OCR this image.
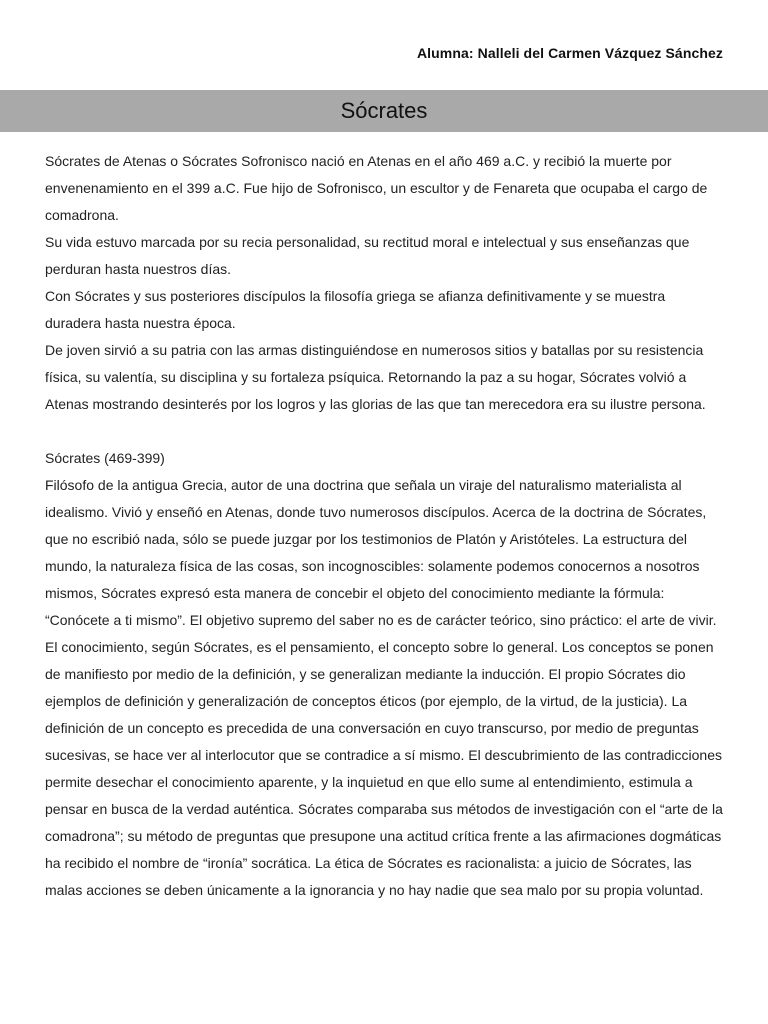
Alumna: Nalleli del Carmen Vázquez Sánchez
Sócrates

Sócrates de Atenas o Sócrates Sofronisco nació en Atenas en el año 469 a.C. y recibió la muerte por envenenamiento en el 399 a.C. Fue hijo de Sofronisco, un escultor y de Fenareta que ocupaba el cargo de comadrona.

Su vida estuvo marcada por su recia personalidad, su rectitud moral e intelectual y sus enseñanzas que perduran hasta nuestros días.

Con Sócrates y sus posteriores discípulos la filosofía griega se afianza definitivamente y se muestra duradera hasta nuestra época.

De joven sirvió a su patria con las armas distinguiéndose en numerosos sitios y batallas por su resistencia física, su valentía, su disciplina y su fortaleza psíquica. Retornando la paz a su hogar, Sócrates volvió a Atenas mostrando desinterés por los logros y las glorias de las que tan merecedora era su ilustre persona.

Sócrates (469-399)

Filósofo de la antigua Grecia, autor de una doctrina que señala un viraje del naturalismo materialista al idealismo. Vivió y enseñó en Atenas, donde tuvo numerosos discípulos. Acerca de la doctrina de Sócrates, que no escribió nada, sólo se puede juzgar por los testimonios de Platón y Aristóteles. La estructura del mundo, la naturaleza física de las cosas, son incognoscibles: solamente podemos conocernos a nosotros mismos, Sócrates expresó esta manera de concebir el objeto del conocimiento mediante la fórmula: “Conócete a ti mismo”. El objetivo supremo del saber no es de carácter teórico, sino práctico: el arte de vivir. El conocimiento, según Sócrates, es el pensamiento, el concepto sobre lo general. Los conceptos se ponen de manifiesto por medio de la definición, y se generalizan mediante la inducción. El propio Sócrates dio ejemplos de definición y generalización de conceptos éticos (por ejemplo, de la virtud, de la justicia). La definición de un concepto es precedida de una conversación en cuyo transcurso, por medio de preguntas sucesivas, se hace ver al interlocutor que se contradice a sí mismo. El descubrimiento de las contradicciones permite desechar el conocimiento aparente, y la inquietud en que ello sume al entendimiento, estimula a pensar en busca de la verdad auténtica. Sócrates comparaba sus métodos de investigación con el “arte de la comadrona”; su método de preguntas que presupone una actitud crítica frente a las afirmaciones dogmáticas ha recibido el nombre de “ironía” socrática. La ética de Sócrates es racionalista: a juicio de Sócrates, las malas acciones se deben únicamente a la ignorancia y no hay nadie que sea malo por su propia voluntad.
